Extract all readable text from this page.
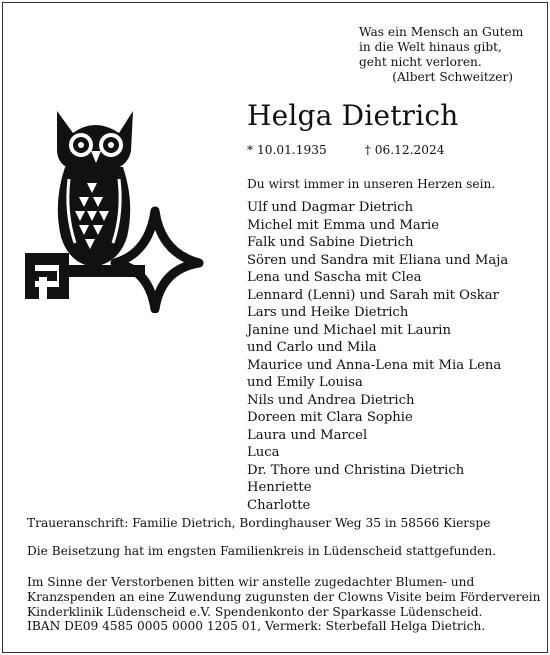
Was ein Mensch an Gutem
in die Welt hinaus gibt,
geht nicht verloren.
(Albert Schweitzer)
Helga Dietrich
* 10.01.1935	† 06.12.2024
Du wirst immer in unseren Herzen sein.
Ulf und Dagmar Dietrich
Michel mit Emma und Marie
Falk und Sabine Dietrich
Sören und Sandra mit Eliana und Maja
Lena und Sascha mit Clea
Lennard (Lenni) und Sarah mit Oskar
Lars und Heike Dietrich
Janine und Michael mit Laurin
und Carlo und Mila
Maurice und Anna-Lena mit Mia Lena
und Emily Louisa
Nils und Andrea Dietrich
Doreen mit Clara Sophie
Laura und Marcel
Luca
Dr. Thore und Christina Dietrich
Henriette
Charlotte
Traueranschrift: Familie Dietrich, Bordinghauser Weg 35 in 58566 Kierspe
Die Beisetzung hat im engsten Familienkreis in Lüdenscheid stattgefunden.
Im Sinne der Verstorbenen bitten wir anstelle zugedachter Blumen- und
Kranzspenden an eine Zuwendung zugunsten der Clowns Visite beim Förderverein
Kinderklinik Lüdenscheid e.V. Spendenkonto der Sparkasse Lüdenscheid.
IBAN DE09 4585 0005 0000 1205 01, Vermerk: Sterbefall Helga Dietrich.
